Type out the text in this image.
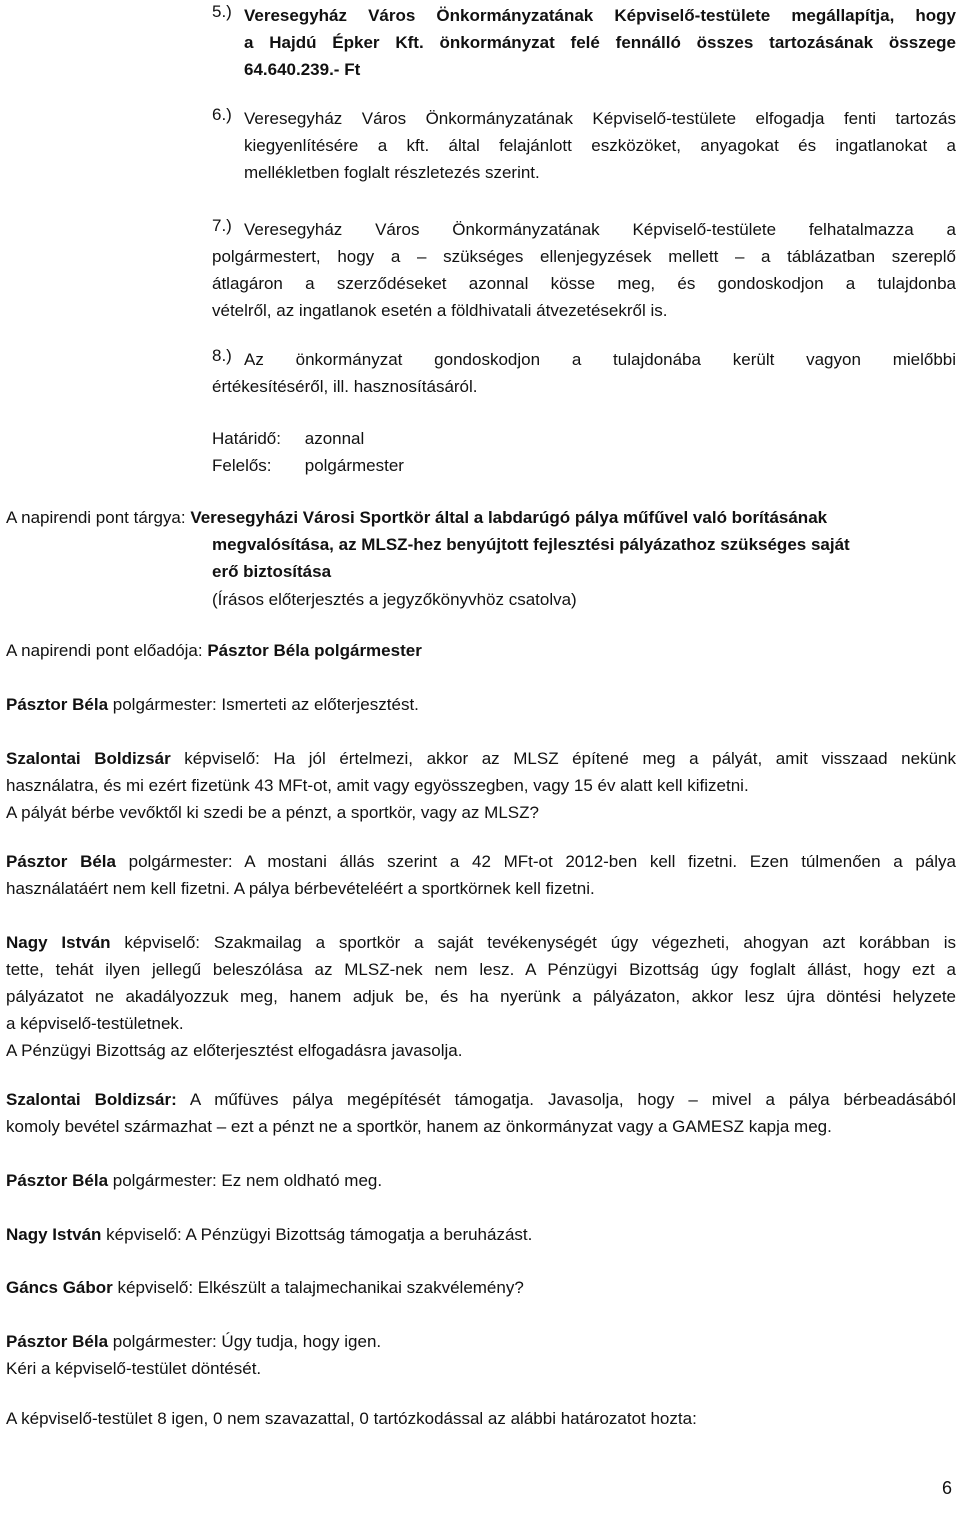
5.) Veresegyház Város Önkormányzatának Képviselő-testülete megállapítja, hogy
a Hajdú Épker Kft. önkormányzat felé fennálló összes tartozásának összege
64.640.239.- Ft
6.) Veresegyház Város Önkormányzatának Képviselő-testülete elfogadja fenti tartozás
kiegyenlítésére a kft. által felajánlott eszközöket, anyagokat és ingatlanokat a
mellékletben foglalt részletezés szerint.
7.) Veresegyház Város Önkormányzatának Képviselő-testülete felhatalmazza a
polgármestert, hogy a – szükséges ellenjegyzések mellett – a táblázatban szereplő
átlagáron a szerződéseket azonnal kösse meg, és gondoskodjon a tulajdonba
vételről, az ingatlanok esetén a földhivatali átvezetésekről is.
8.) Az önkormányzat gondoskodjon a tulajdonába került vagyon mielőbbi
értékesítéséről, ill. hasznosításáról.
Határidő: azonnal
Felelős: polgármester
A napirendi pont tárgya: Veresegyházi Városi Sportkör által a labdarúgó pálya műfűvel való borításának
megvalósítása, az MLSZ-hez benyújtott fejlesztési pályázathoz szükséges saját
erő biztosítása
(Írásos előterjesztés a jegyzőkönyvhöz csatolva)
A napirendi pont előadója: Pásztor Béla polgármester
Pásztor Béla polgármester: Ismerteti az előterjesztést.
Szalontai Boldizsár képviselő: Ha jól értelmezi, akkor az MLSZ építené meg a pályát, amit visszaad nekünk
használatra, és mi ezért fizetünk 43 MFt-ot, amit vagy egyösszegben, vagy 15 év alatt kell kifizetni.
A pályát bérbe vevőktől ki szedi be a pénzt, a sportkör, vagy az MLSZ?
Pásztor Béla polgármester: A mostani állás szerint a 42 MFt-ot 2012-ben kell fizetni. Ezen túlmenően a pálya
használatáért nem kell fizetni. A pálya bérbevételéért a sportkörnek kell fizetni.
Nagy István képviselő: Szakmailag a sportkör a saját tevékenységét úgy végezheti, ahogyan azt korábban is
tette, tehát ilyen jellegű beleszólása az MLSZ-nek nem lesz. A Pénzügyi Bizottság úgy foglalt állást, hogy ezt a
pályázatot ne akadályozzuk meg, hanem adjuk be, és ha nyerünk a pályázaton, akkor lesz újra döntési helyzete
a képviselő-testületnek.
A Pénzügyi Bizottság az előterjesztést elfogadásra javasolja.
Szalontai Boldizsár: A műfüves pálya megépítését támogatja. Javasolja, hogy – mivel a pálya bérbeadásából
komoly bevétel származhat – ezt a pénzt ne a sportkör, hanem az önkormányzat vagy a GAMESZ kapja meg.
Pásztor Béla polgármester: Ez nem oldható meg.
Nagy István képviselő: A Pénzügyi Bizottság támogatja a beruházást.
Gáncs Gábor képviselő: Elkészült a talajmechanikai szakvélemény?
Pásztor Béla polgármester: Úgy tudja, hogy igen.
Kéri a képviselő-testület döntését.
A képviselő-testület 8 igen, 0 nem szavazattal, 0 tartózkodással az alábbi határozatot hozta:
6
